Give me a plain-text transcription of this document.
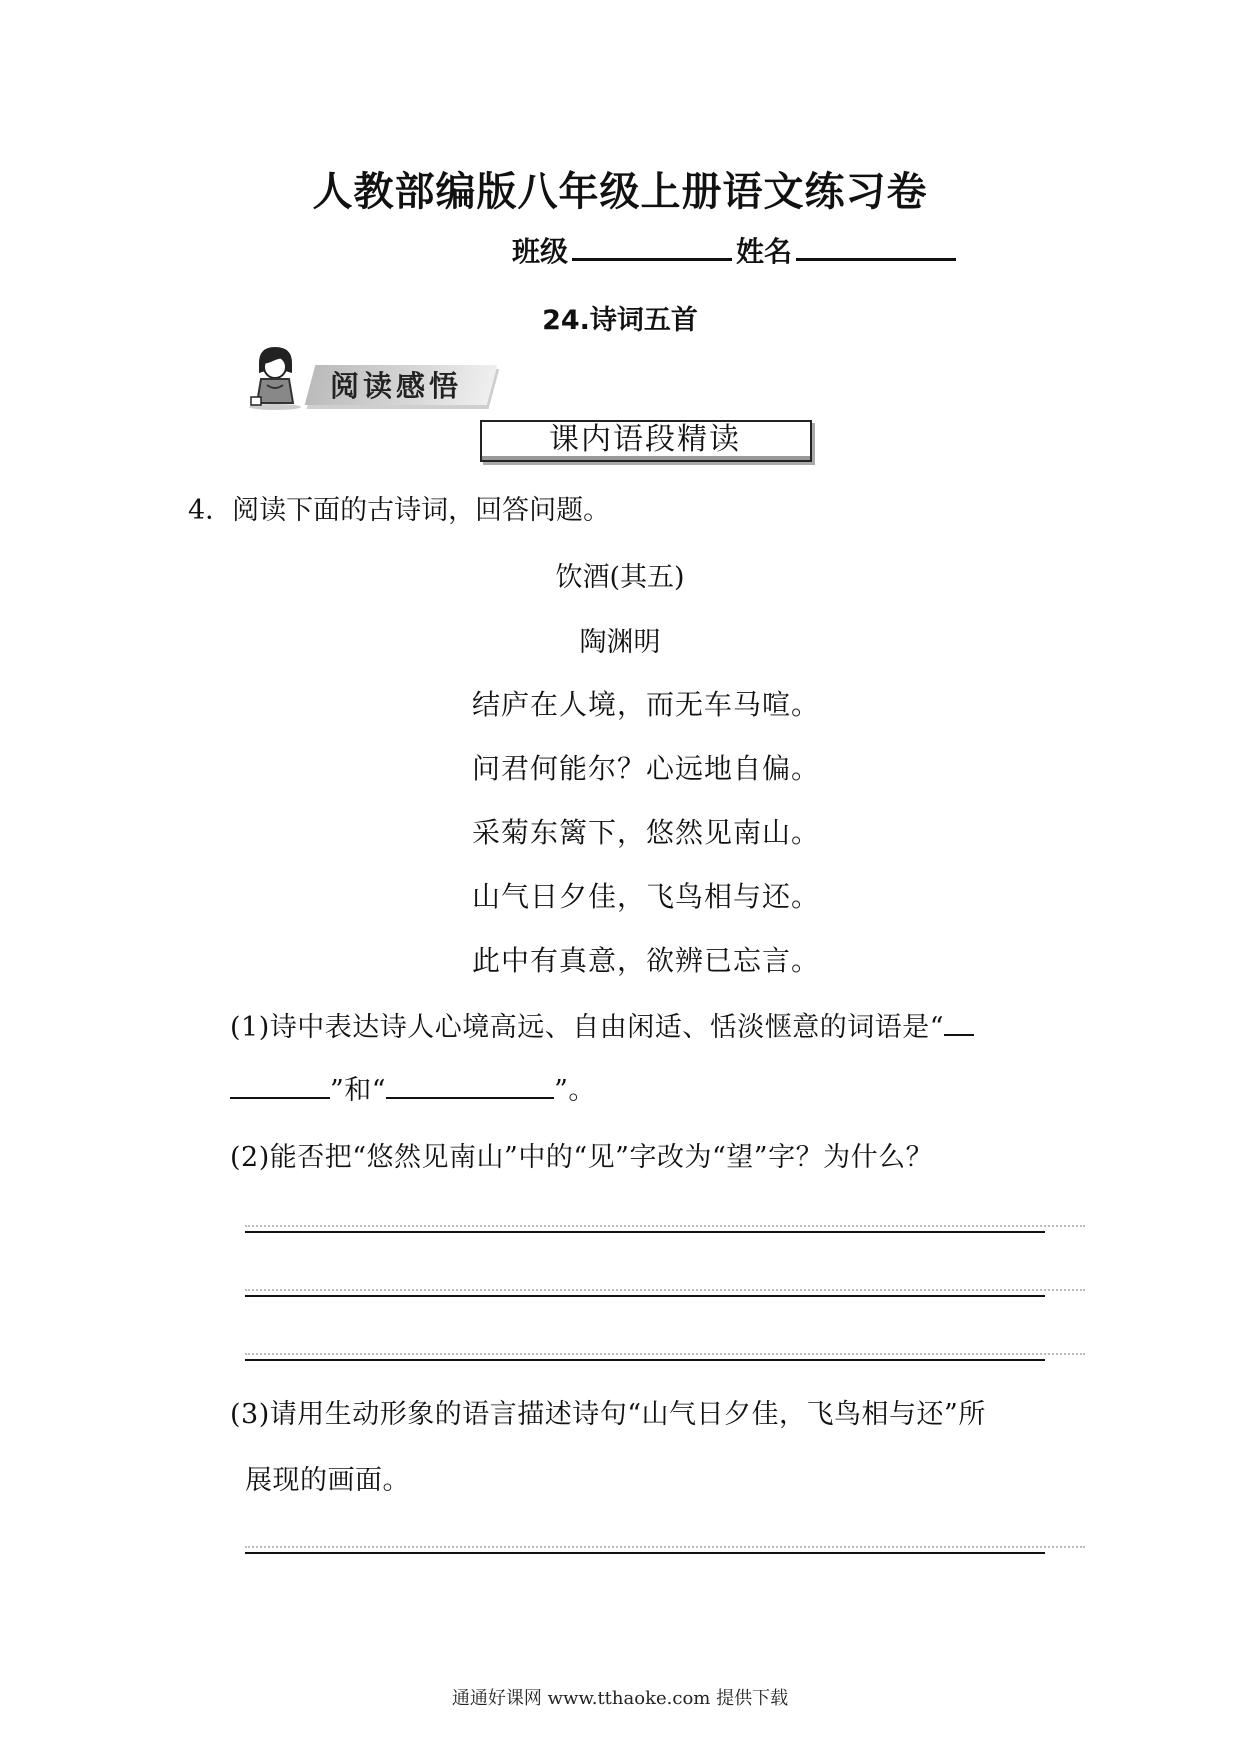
人教部编版八年级上册语文练习卷
班级	姓名
24.诗词五首
阅读感悟
课内语段精读
4．阅读下面的古诗词，回答问题。
饮酒(其五)
陶渊明
结庐在人境，而无车马喧。
问君何能尔？心远地自偏。
采菊东篱下，悠然见南山。
山气日夕佳，飞鸟相与还。
此中有真意，欲辨已忘言。
(1)诗中表达诗人心境高远、自由闲适、恬淡惬意的词语是“
”和“	”。
(2)能否把“悠然见南山”中的“见”字改为“望”字？为什么？
(3)请用生动形象的语言描述诗句“山气日夕佳，飞鸟相与还”所
展现的画面。
通通好课网 www.tthaoke.com 提供下载
